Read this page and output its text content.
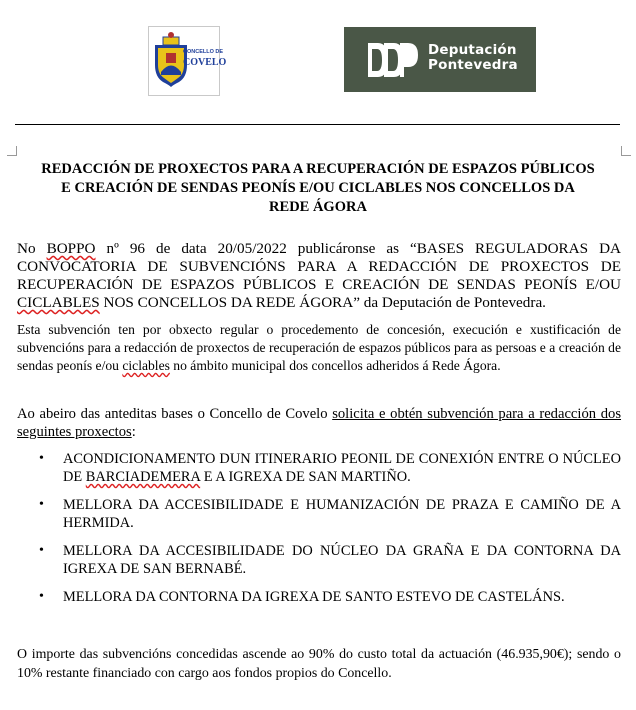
CONCELLO DE
COVELO
Deputación
Pontevedra
REDACCIÓN DE PROXECTOS PARA A RECUPERACIÓN DE ESPAZOS PÚBLICOS E CREACIÓN DE SENDAS PEONÍS E/OU CICLABLES NOS CONCELLOS DA REDE ÁGORA
No BOPPO nº 96 de data 20/05/2022 publicáronse as “BASES REGULADORAS DA CONVOCATORIA DE SUBVENCIÓNS PARA A REDACCIÓN DE PROXECTOS DE RECUPERACIÓN DE ESPAZOS PÚBLICOS E CREACIÓN DE SENDAS PEONÍS E/OU CICLABLES NOS CONCELLOS DA REDE ÁGORA” da Deputación de Pontevedra.
Esta subvención ten por obxecto regular o procedemento de concesión, execución e xustificación de subvencións para a redacción de proxectos de recuperación de espazos públicos para as persoas e a creación de sendas peonís e/ou ciclables no ámbito municipal dos concellos adheridos á Rede Ágora.
Ao abeiro das anteditas bases o Concello de Covelo solicita e obtén subvención para a redacción dos seguintes proxectos:
• ACONDICIONAMENTO DUN ITINERARIO PEONIL DE CONEXIÓN ENTRE O NÚCLEO DE BARCIADEMERA E A IGREXA DE SAN MARTIÑO.
• MELLORA DA ACCESIBILIDADE E HUMANIZACIÓN DE PRAZA E CAMIÑO DE A HERMIDA.
• MELLORA DA ACCESIBILIDADE DO NÚCLEO DA GRAÑA E DA CONTORNA DA IGREXA DE SAN BERNABÉ.
• MELLORA DA CONTORNA DA IGREXA DE SANTO ESTEVO DE CASTELÁNS.
O importe das subvencións concedidas ascende ao 90% do custo total da actuación (46.935,90€); sendo o 10% restante financiado con cargo aos fondos propios do Concello.
